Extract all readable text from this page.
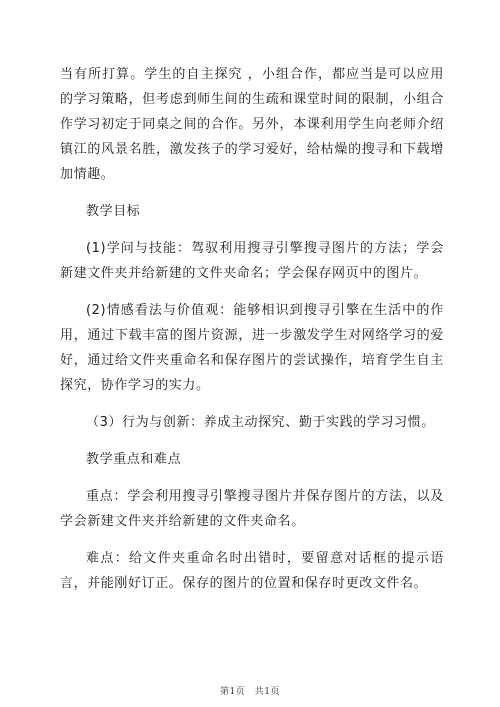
当有所打算。学生的自主探究 ，小组合作，都应当是可以应用的学习策略，但考虑到师生间的生疏和课堂时间的限制，小组合作学习初定于同桌之间的合作。另外，本课利用学生向老师介绍镇江的风景名胜，激发孩子的学习爱好，给枯燥的搜寻和下载增加情趣。

教学目标

(1)学问与技能：驾驭利用搜寻引擎搜寻图片的方法；学会新建文件夹并给新建的文件夹命名；学会保存网页中的图片。

(2)情感看法与价值观：能够相识到搜寻引擎在生活中的作用，通过下载丰富的图片资源，进一步激发学生对网络学习的爱好，通过给文件夹重命名和保存图片的尝试操作，培育学生自主探究，协作学习的实力。

（3）行为与创新：养成主动探究、勤于实践的学习习惯。

教学重点和难点

重点：学会利用搜寻引擎搜寻图片并保存图片的方法，以及学会新建文件夹并给新建的文件夹命名。

难点：给文件夹重命名时出错时，要留意对话框的提示语言，并能刚好订正。保存的图片的位置和保存时更改文件名。

第1页　共1页
